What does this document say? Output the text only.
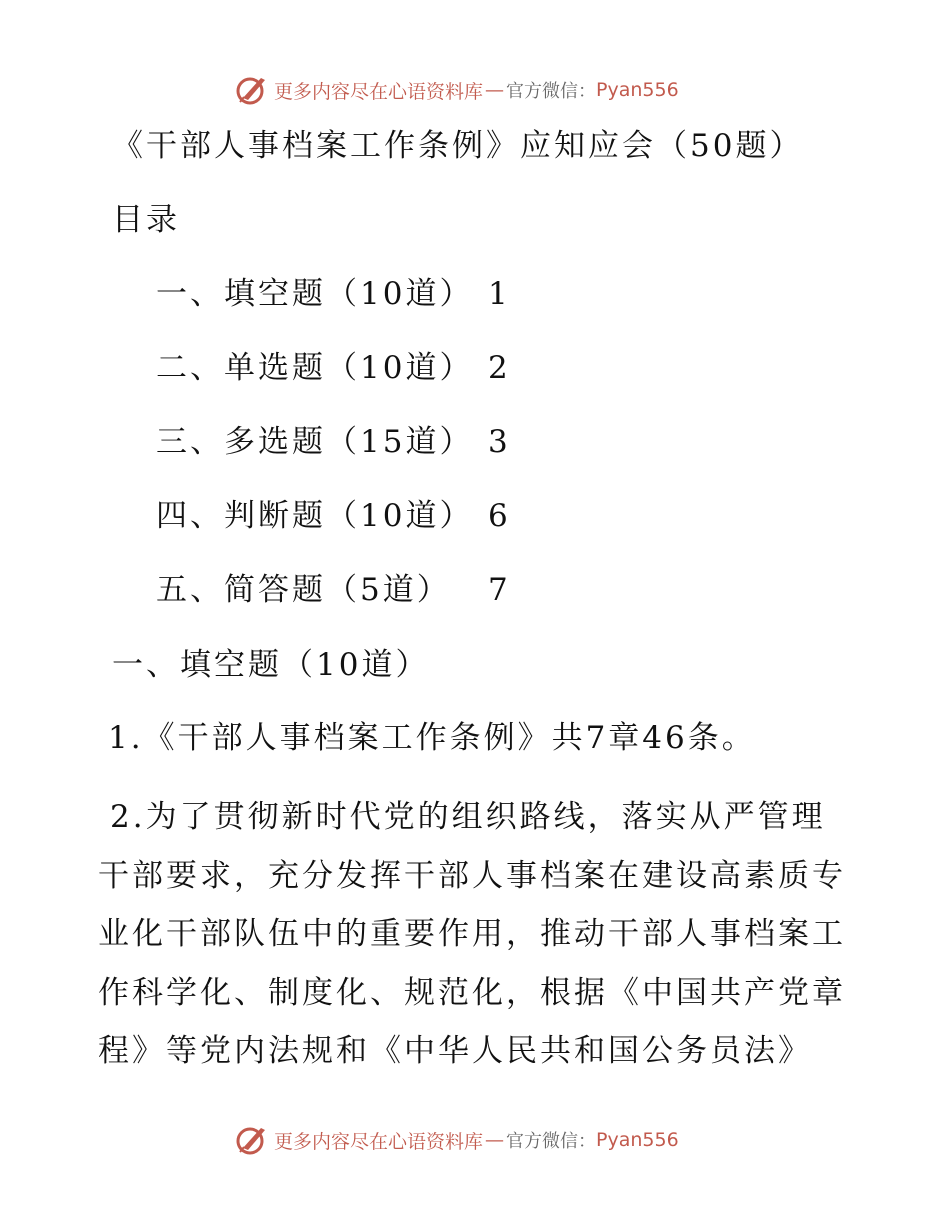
更多内容尽在心语资料库 — 官方微信： Pyan556

《干部人事档案工作条例》应知应会（50题）

目录

一、填空题（10道） 1
二、单选题（10道） 2
三、多选题（15道） 3
四、判断题（10道） 6
五、简答题（5道） 7

一、填空题（10道）

1.《干部人事档案工作条例》共7章46条。

2.为了贯彻新时代党的组织路线，落实从严管理干部要求，充分发挥干部人事档案在建设高素质专业化干部队伍中的重要作用，推动干部人事档案工作科学化、制度化、规范化，根据《中国共产党章程》等党内法规和《中华人民共和国公务员法》

更多内容尽在心语资料库 — 官方微信： Pyan556
